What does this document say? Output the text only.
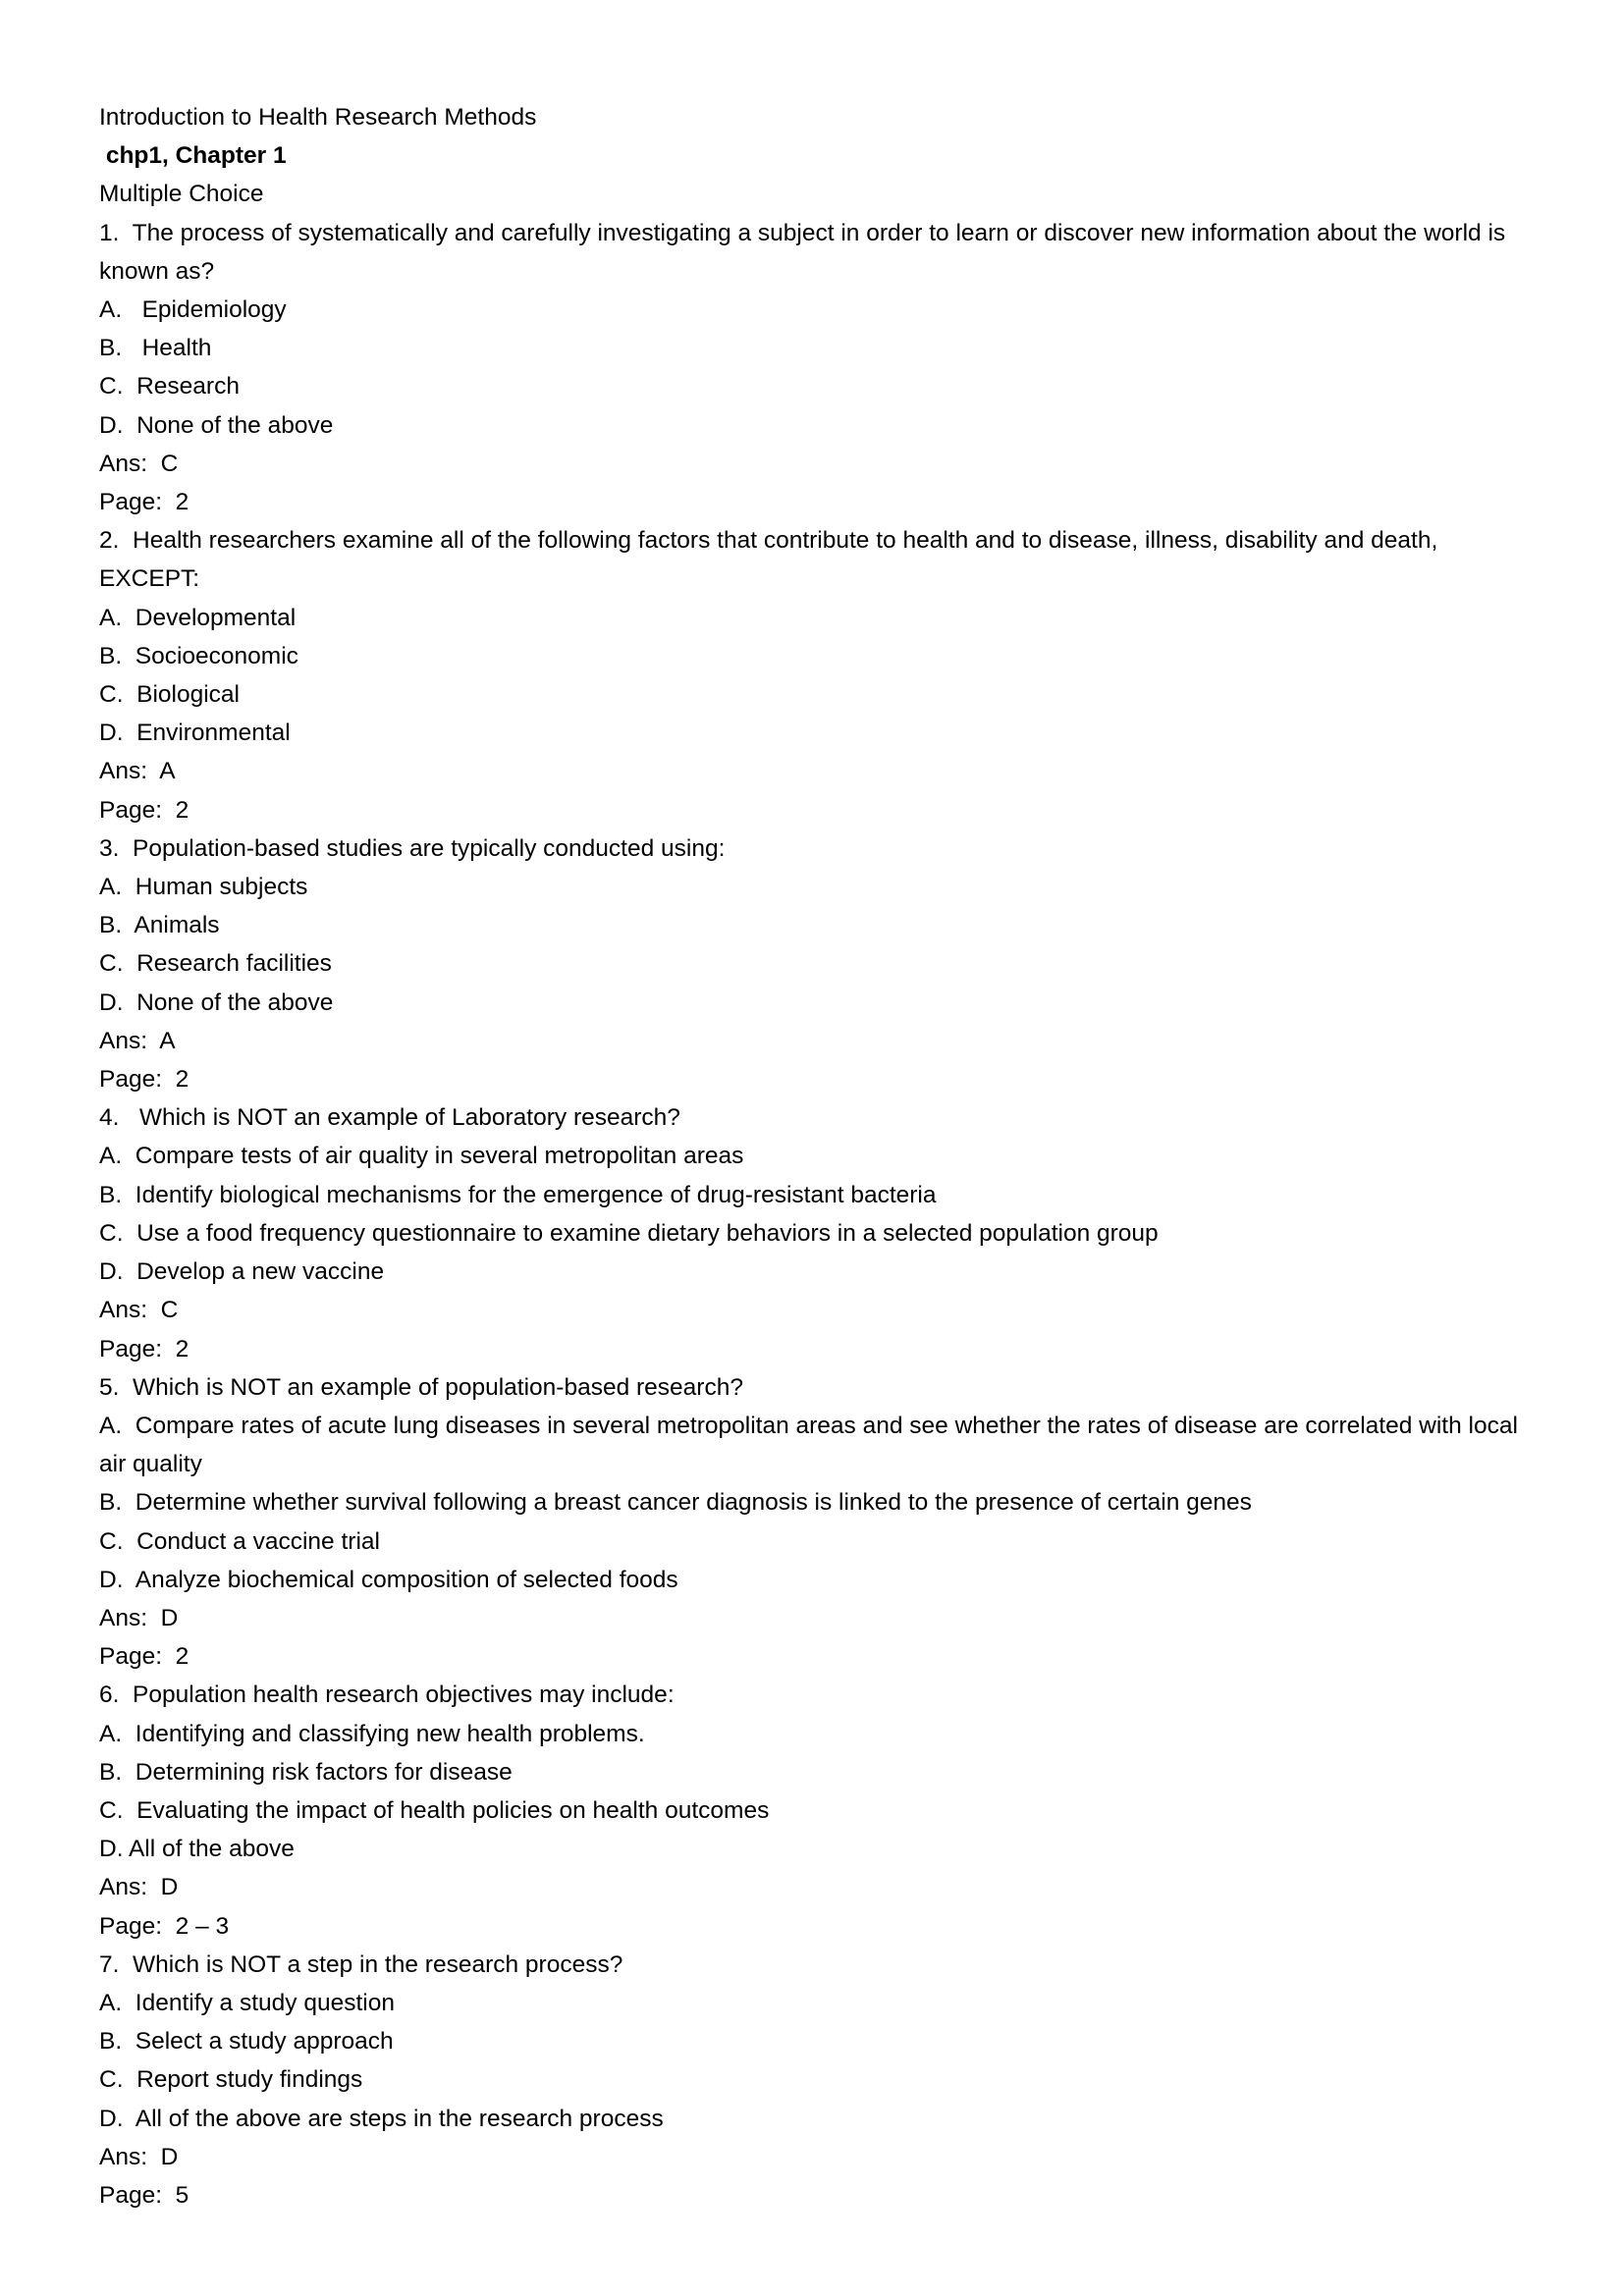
Introduction to Health Research Methods
chp1, Chapter 1
Multiple Choice
1.  The process of systematically and carefully investigating a subject in order to learn or discover new information about the world is known as?
A.   Epidemiology
B.   Health
C.  Research
D.  None of the above
Ans:  C
Page:  2
2.  Health researchers examine all of the following factors that contribute to health and to disease, illness, disability and death, EXCEPT:
A.  Developmental
B.  Socioeconomic
C.  Biological
D.  Environmental
Ans:  A
Page:  2
3.  Population-based studies are typically conducted using:
A.  Human subjects
B.  Animals
C.  Research facilities
D.  None of the above
Ans:  A
Page:  2
4.   Which is NOT an example of Laboratory research?
A.  Compare tests of air quality in several metropolitan areas
B.  Identify biological mechanisms for the emergence of drug-resistant bacteria
C.  Use a food frequency questionnaire to examine dietary behaviors in a selected population group
D.  Develop a new vaccine
Ans:  C
Page:  2
5.  Which is NOT an example of population-based research?
A.  Compare rates of acute lung diseases in several metropolitan areas and see whether the rates of disease are correlated with local air quality
B.  Determine whether survival following a breast cancer diagnosis is linked to the presence of certain genes
C.  Conduct a vaccine trial
D.  Analyze biochemical composition of selected foods
Ans:  D
Page:  2
6.  Population health research objectives may include:
A.  Identifying and classifying new health problems.
B.  Determining risk factors for disease
C.  Evaluating the impact of health policies on health outcomes
D. All of the above
Ans:  D
Page:  2 – 3
7.  Which is NOT a step in the research process?
A.  Identify a study question
B.  Select a study approach
C.  Report study findings
D.  All of the above are steps in the research process
Ans:  D
Page:  5
